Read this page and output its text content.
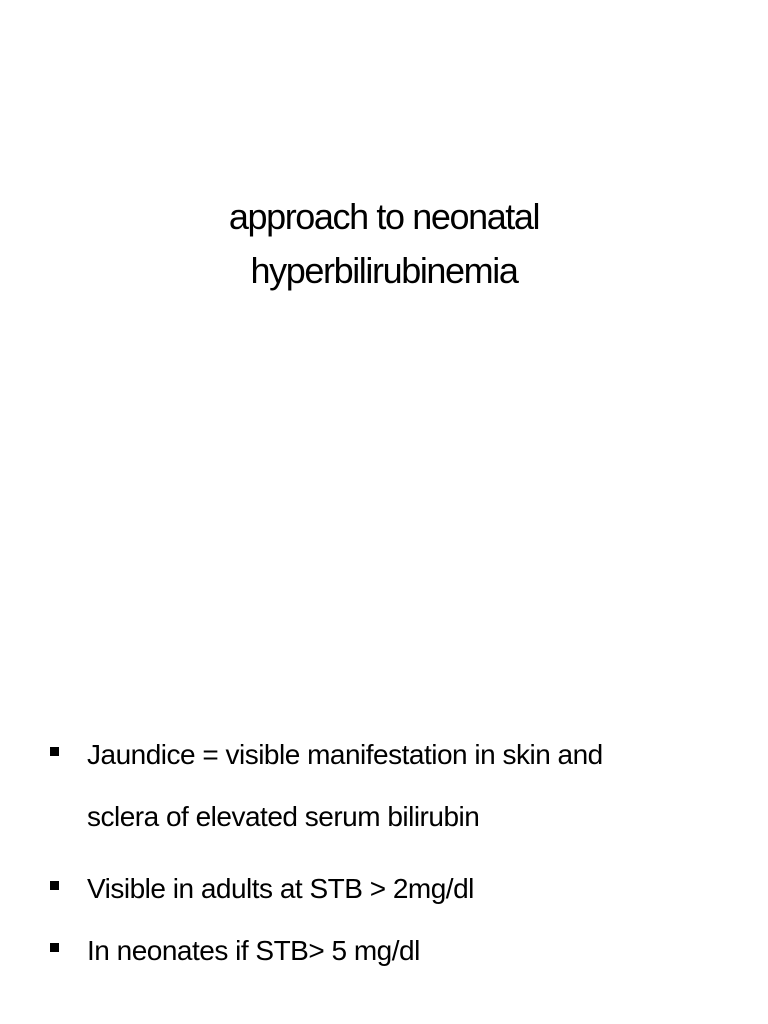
approach to neonatal
hyperbilirubinemia
Jaundice = visible manifestation in skin and
sclera of elevated serum bilirubin
Visible in adults at STB > 2mg/dl
In neonates if STB> 5 mg/dl
